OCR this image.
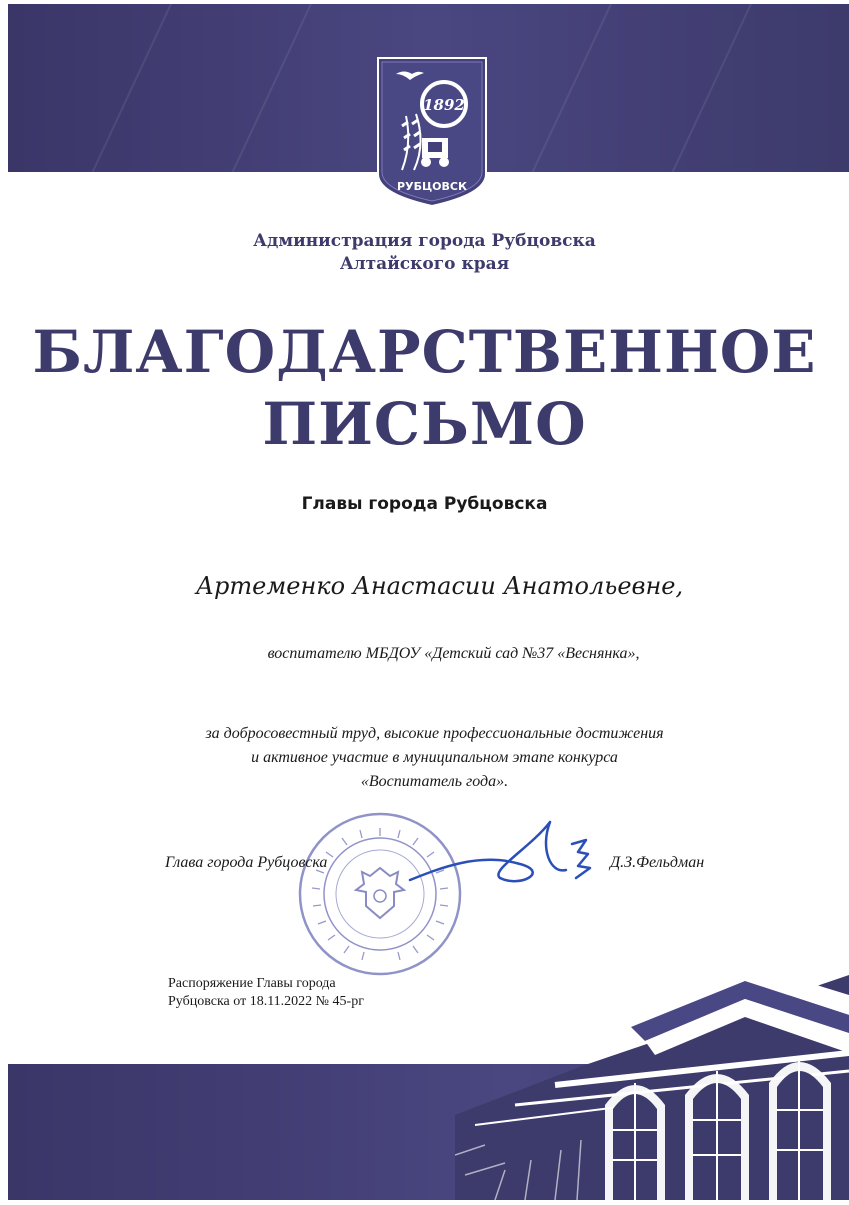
1892
РУБЦОВСК
Администрация города Рубцовска
Алтайского края
БЛАГОДАРСТВЕННОЕ
ПИСЬМО
Главы города Рубцовска
Артеменко Анастасии Анатольевне,
воспитателю МБДОУ «Детский сад №37 «Веснянка»,
за добросовестный труд, высокие профессиональные достижения
и активное участие в муниципальном этапе конкурса
«Воспитатель года».
Глава города Рубцовска	Д.З.Фельдман
Распоряжение Главы города
Рубцовска от 18.11.2022 № 45-рг
